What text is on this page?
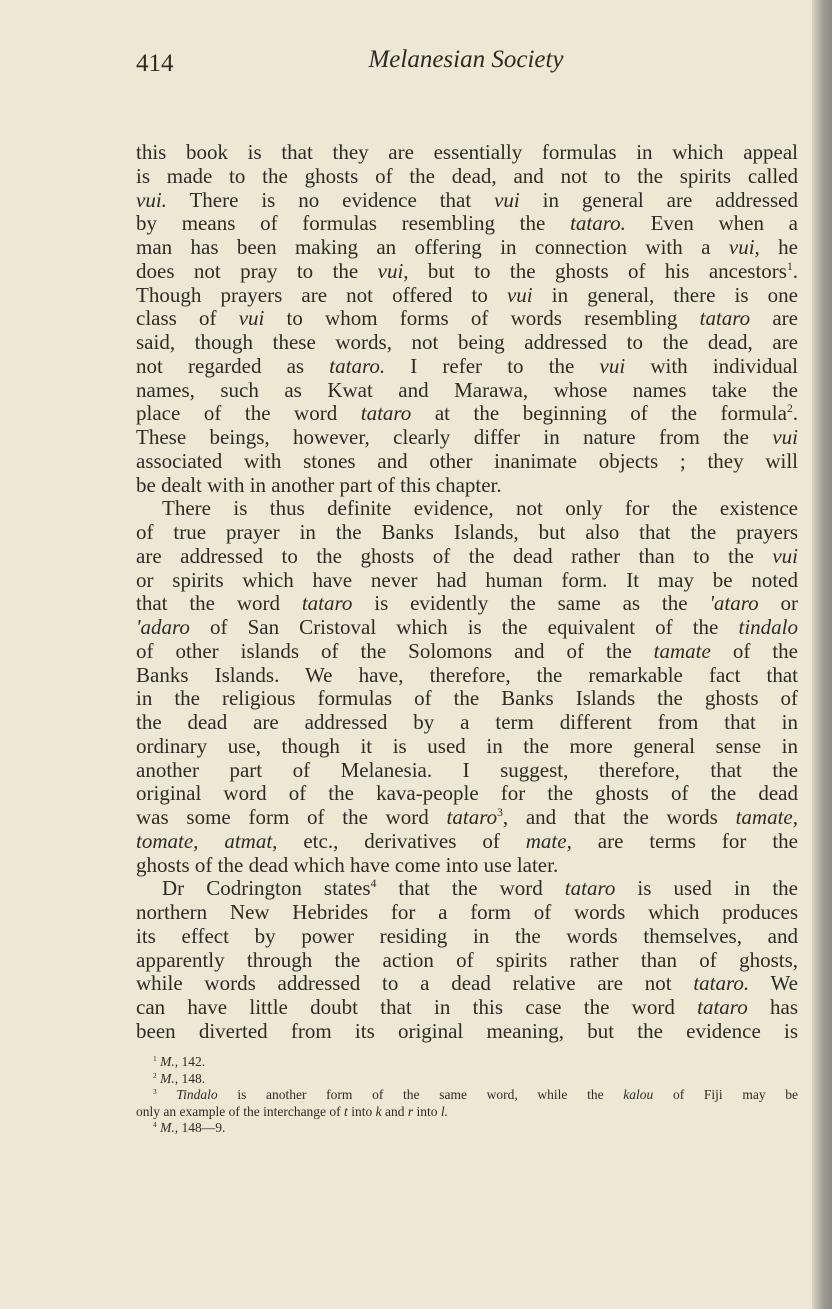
414	Melanesian Society
this book is that they are essentially formulas in which appeal
is made to the ghosts of the dead, and not to the spirits called
vui. There is no evidence that vui in general are addressed
by means of formulas resembling the tataro. Even when a
man has been making an offering in connection with a vui, he
does not pray to the vui, but to the ghosts of his ancestors$^1$.
Though prayers are not offered to vui in general, there is one
class of vui to whom forms of words resembling tataro are
said, though these words, not being addressed to the dead, are
not regarded as tataro. I refer to the vui with individual
names, such as Kwat and Marawa, whose names take the
place of the word tataro at the beginning of the formula$^2$.
These beings, however, clearly differ in nature from the vui
associated with stones and other inanimate objects ; they will
be dealt with in another part of this chapter.
There is thus definite evidence, not only for the existence
of true prayer in the Banks Islands, but also that the prayers
are addressed to the ghosts of the dead rather than to the vui
or spirits which have never had human form. It may be noted
that the word tataro is evidently the same as the 'ataro or
'adaro of San Cristoval which is the equivalent of the tindalo
of other islands of the Solomons and of the tamate of the
Banks Islands. We have, therefore, the remarkable fact that
in the religious formulas of the Banks Islands the ghosts of
the dead are addressed by a term different from that in
ordinary use, though it is used in the more general sense in
another part of Melanesia. I suggest, therefore, that the
original word of the kava-people for the ghosts of the dead
was some form of the word tataro$^3$, and that the words tamate,
tomate, atmat, etc., derivatives of mate, are terms for the
ghosts of the dead which have come into use later.
Dr Codrington states$^4$ that the word tataro is used in the
northern New Hebrides for a form of words which produces
its effect by power residing in the words themselves, and
apparently through the action of spirits rather than of ghosts,
while words addressed to a dead relative are not tataro. We
can have little doubt that in this case the word tataro has
been diverted from its original meaning, but the evidence is
$^1$ M., 142.
$^2$ M., 148.
$^3$ Tindalo is another form of the same word, while the kalou of Fiji may be
only an example of the interchange of t into k and r into l.
$^4$ M., 148—9.
